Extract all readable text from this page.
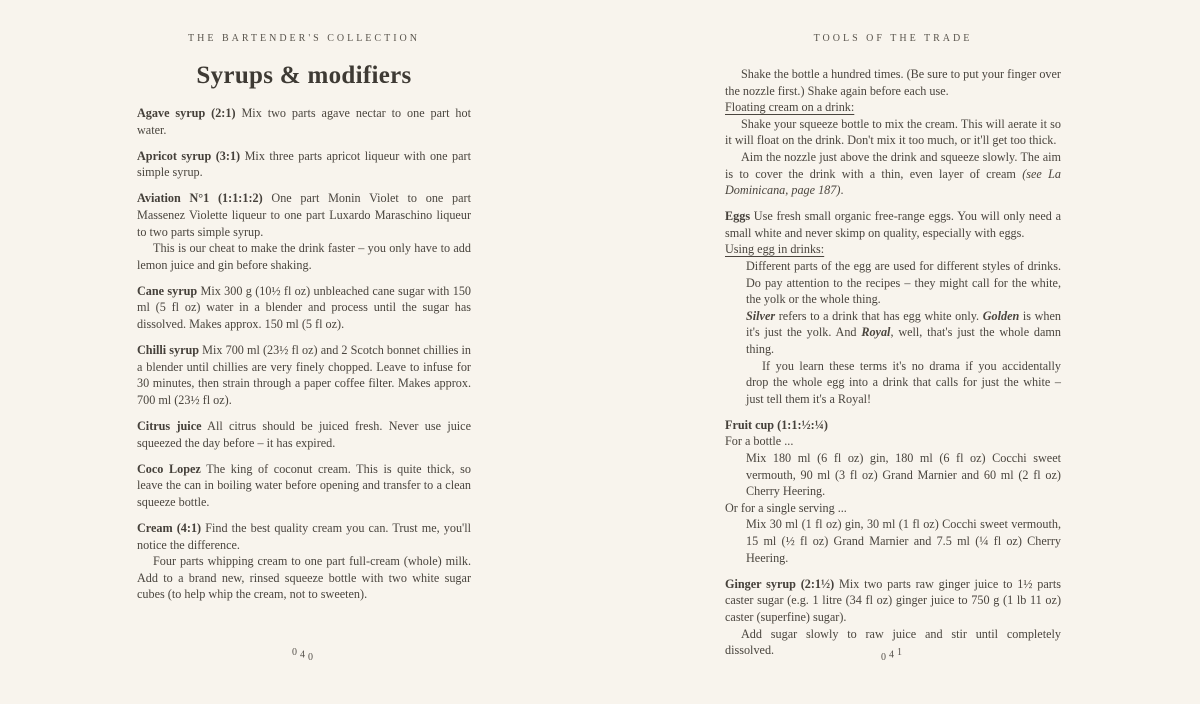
THE BARTENDER'S COLLECTION
Syrups & modifiers

Agave syrup (2:1) Mix two parts agave nectar to one part hot water.

Apricot syrup (3:1) Mix three parts apricot liqueur with one part simple syrup.

Aviation N°1 (1:1:1:2) One part Monin Violet to one part Massenez Violette liqueur to one part Luxardo Maraschino liqueur to two parts simple syrup.

This is our cheat to make the drink faster – you only have to add lemon juice and gin before shaking.

Cane syrup Mix 300 g (10½ fl oz) unbleached cane sugar with 150 ml (5 fl oz) water in a blender and process until the sugar has dissolved. Makes approx. 150 ml (5 fl oz).

Chilli syrup Mix 700 ml (23½ fl oz) and 2 Scotch bonnet chillies in a blender until chillies are very finely chopped. Leave to infuse for 30 minutes, then strain through a paper coffee filter. Makes approx. 700 ml (23½ fl oz).

Citrus juice All citrus should be juiced fresh. Never use juice squeezed the day before – it has expired.

Coco Lopez The king of coconut cream. This is quite thick, so leave the can in boiling water before opening and transfer to a clean squeeze bottle.

Cream (4:1) Find the best quality cream you can. Trust me, you'll notice the difference.

Four parts whipping cream to one part full-cream (whole) milk. Add to a brand new, rinsed squeeze bottle with two white sugar cubes (to help whip the cream, not to sweeten).

040
TOOLS OF THE TRADE

Shake the bottle a hundred times. (Be sure to put your finger over the nozzle first.) Shake again before each use.

Floating cream on a drink:

Shake your squeeze bottle to mix the cream. This will aerate it so it will float on the drink. Don't mix it too much, or it'll get too thick.

Aim the nozzle just above the drink and squeeze slowly. The aim is to cover the drink with a thin, even layer of cream (see La Dominicana, page 187).

Eggs Use fresh small organic free-range eggs. You will only need a small white and never skimp on quality, especially with eggs.

Using egg in drinks:

Different parts of the egg are used for different styles of drinks. Do pay attention to the recipes – they might call for the white, the yolk or the whole thing.

Silver refers to a drink that has egg white only. Golden is when it's just the yolk. And Royal, well, that's just the whole damn thing.

If you learn these terms it's no drama if you accidentally drop the whole egg into a drink that calls for just the white – just tell them it's a Royal!

Fruit cup (1:1:½:¼)

For a bottle ...

Mix 180 ml (6 fl oz) gin, 180 ml (6 fl oz) Cocchi sweet vermouth, 90 ml (3 fl oz) Grand Marnier and 60 ml (2 fl oz) Cherry Heering.

Or for a single serving ...

Mix 30 ml (1 fl oz) gin, 30 ml (1 fl oz) Cocchi sweet vermouth, 15 ml (½ fl oz) Grand Marnier and 7.5 ml (¼ fl oz) Cherry Heering.

Ginger syrup (2:1½) Mix two parts raw ginger juice to 1½ parts caster sugar (e.g. 1 litre (34 fl oz) ginger juice to 750 g (1 lb 11 oz) caster (superfine) sugar).

Add sugar slowly to raw juice and stir until completely dissolved.

041
